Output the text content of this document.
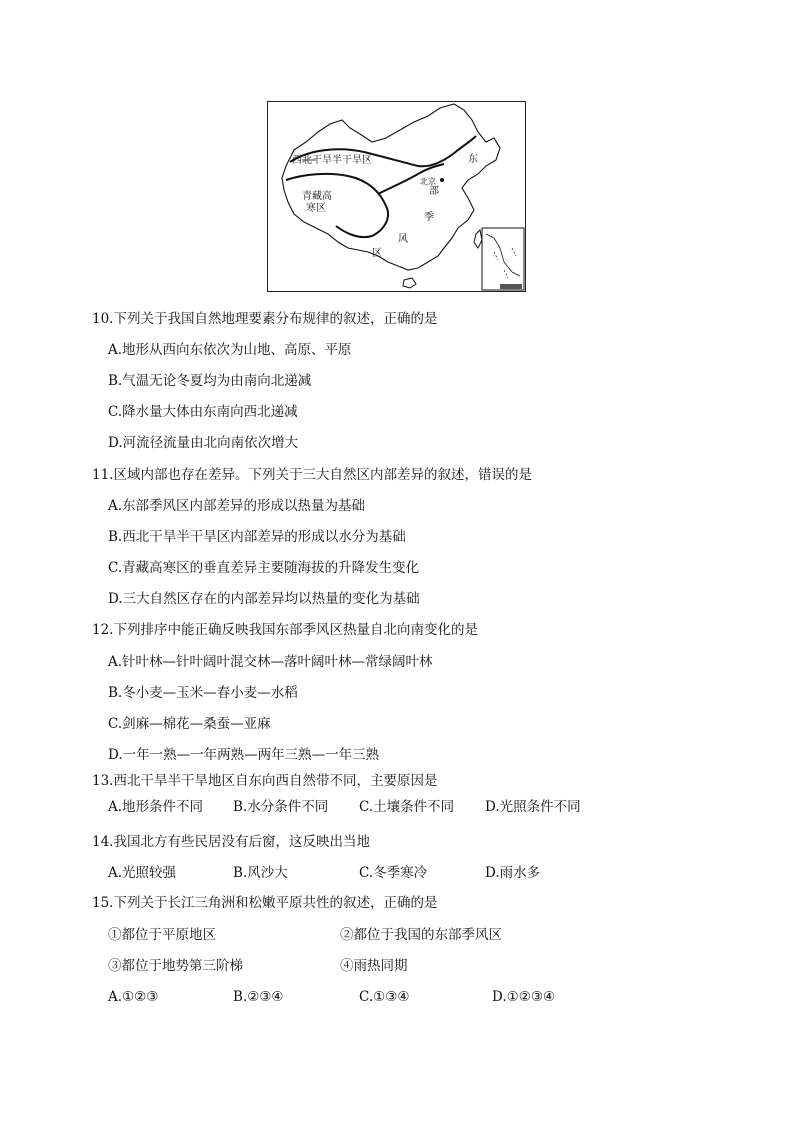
西北干旱半干旱区
青藏高
寒区
东
北京
部
季
风
区
10.下列关于我国自然地理要素分布规律的叙述，正确的是
A.地形从西向东依次为山地、高原、平原
B.气温无论冬夏均为由南向北递减
C.降水量大体由东南向西北递减
D.河流径流量由北向南依次增大
11.区域内部也存在差异。下列关于三大自然区内部差异的叙述，错误的是
A.东部季风区内部差异的形成以热量为基础
B.西北干旱半干旱区内部差异的形成以水分为基础
C.青藏高寒区的垂直差异主要随海拔的升降发生变化
D.三大自然区存在的内部差异均以热量的变化为基础
12.下列排序中能正确反映我国东部季风区热量自北向南变化的是
A.针叶林—针叶阔叶混交林—落叶阔叶林—常绿阔叶林
B.冬小麦—玉米—春小麦—水稻
C.剑麻—棉花—桑蚕—亚麻
D.一年一熟—一年两熟—两年三熟—一年三熟
13.西北干旱半干旱地区自东向西自然带不同，主要原因是
A.地形条件不同 B.水分条件不同 C.土壤条件不同 D.光照条件不同
14.我国北方有些民居没有后窗，这反映出当地
A.光照较强	B.风沙大	C.冬季寒冷	D.雨水多
15.下列关于长江三角洲和松嫩平原共性的叙述，正确的是
①都位于平原地区	②都位于我国的东部季风区
③都位于地势第三阶梯	④雨热同期
A.①②③	B.②③④	C.①③④	D.①②③④
